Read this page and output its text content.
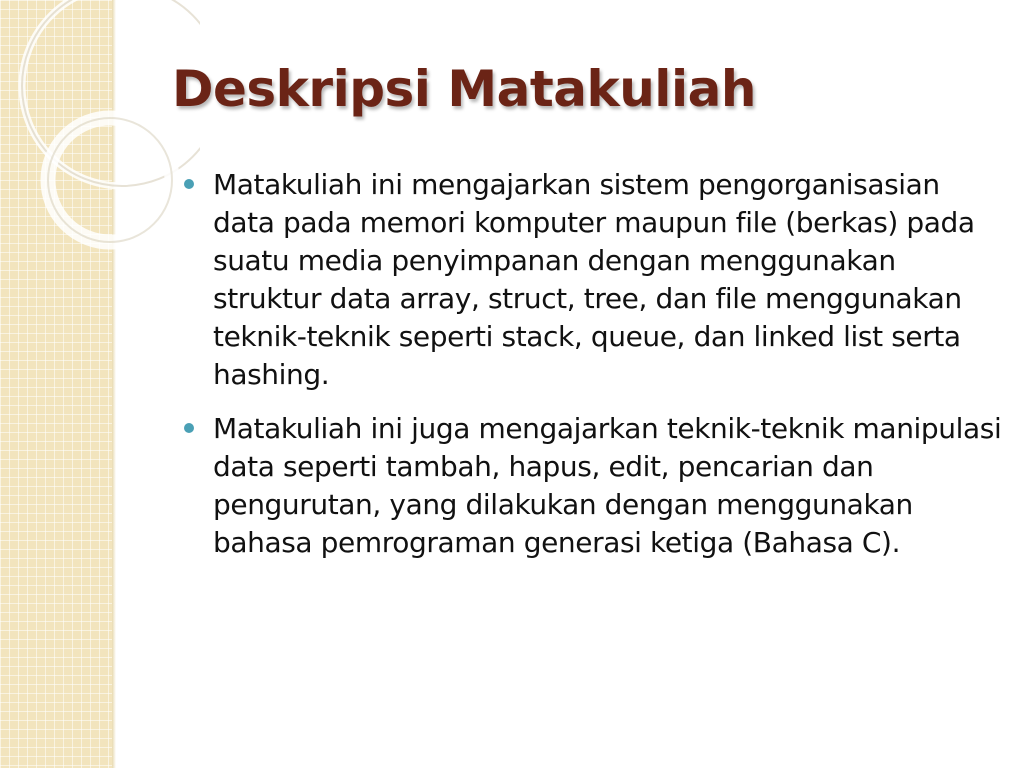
Deskripsi Matakuliah
Matakuliah ini mengajarkan sistem pengorganisasian data pada memori komputer maupun file (berkas) pada suatu media penyimpanan dengan menggunakan struktur data array, struct, tree, dan file menggunakan teknik-teknik seperti stack, queue, dan linked list serta hashing.
Matakuliah ini juga mengajarkan teknik-teknik manipulasi data seperti tambah, hapus, edit, pencarian dan pengurutan, yang dilakukan dengan menggunakan bahasa pemrograman generasi ketiga (Bahasa C).
